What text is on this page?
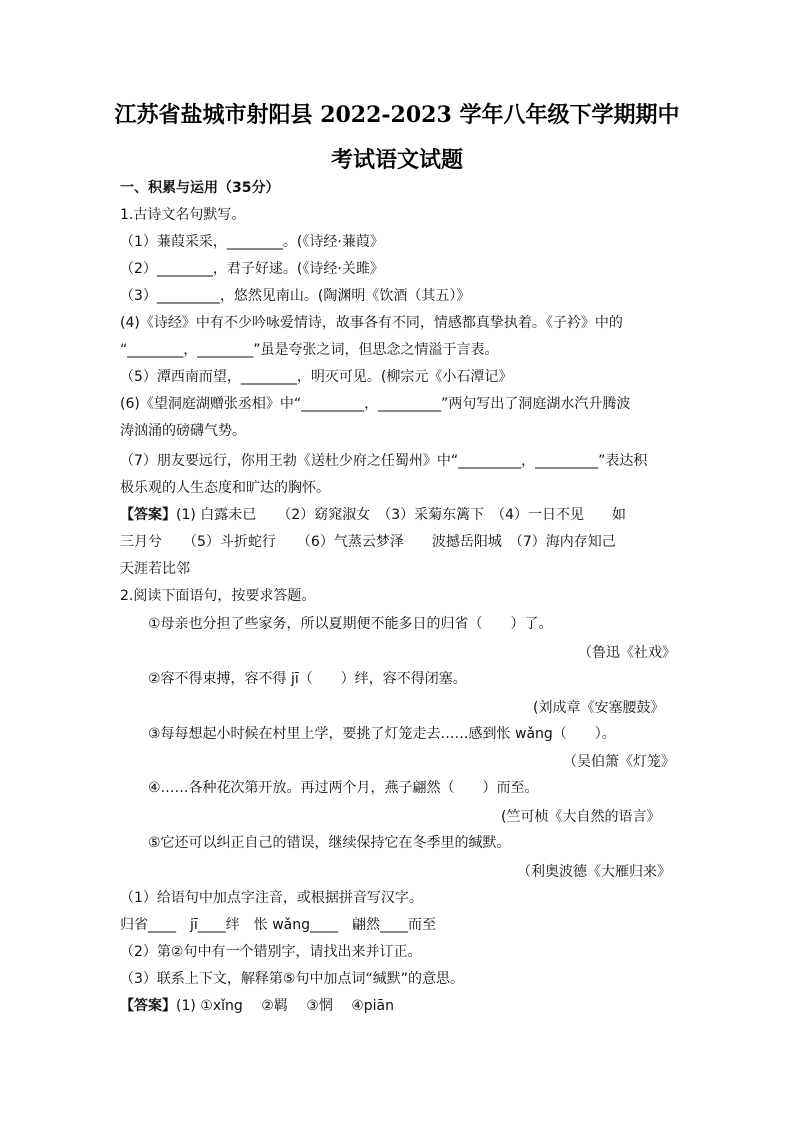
江苏省盐城市射阳县 2022-2023 学年八年级下学期期中
考试语文试题
一、积累与运用（35分）
1.古诗文名句默写。
（1）蒹葭采采，________。(《诗经·蒹葭》
（2）________，君子好逑。(《诗经·关雎》
（3）_________，悠然见南山。(陶渊明《饮酒（其五）》
(4)《诗经》中有不少吟咏爱情诗，故事各有不同，情感都真挚执着。《子衿》中的
“________，________”虽是夸张之词，但思念之情溢于言表。
（5）潭西南而望，________，明灭可见。(柳宗元《小石潭记》
(6)《望洞庭湖赠张丞相》中“_________，_________”两句写出了洞庭湖水汽升腾波
涛汹涌的磅礴气势。
（7）朋友要远行，你用王勃《送杜少府之任蜀州》中“_________，_________”表达积
极乐观的人生态度和旷达的胸怀。
【答案】(1) 白露未已　　（2）窈窕淑女　（3）采菊东篱下　（4）一日不见　　如
三月兮　　（5）斗折蛇行　　（6）气蒸云梦泽　　波撼岳阳城　（7）海内存知己
天涯若比邻
2.阅读下面语句，按要求答题。
①母亲也分担了些家务，所以夏期便不能多日的归省（　　）了。
（鲁迅《社戏》
②容不得束搏，容不得 jī（　　）绊，容不得闭塞。
(刘成章《安塞腰鼓》
③每每想起小时候在村里上学，要挑了灯笼走去……感到怅 wǎng（　　）。
（吴伯箫《灯笼》
④……各种花次第开放。再过两个月，燕子翩然（　　）而至。
(竺可桢《大自然的语言》
⑤它还可以纠正自己的错误，继续保持它在冬季里的缄默。
（利奥波德《大雁归来》
（1）给语句中加点字注音，或根据拼音写汉字。
归省____　jī____绊　怅 wǎng____　翩然____而至
（2）第②句中有一个错别字，请找出来并订正。
（3）联系上下文，解释第⑤句中加点词“缄默”的意思。
【答案】(1) ①xǐng　 ②羁　 ③惘　 ④piān
